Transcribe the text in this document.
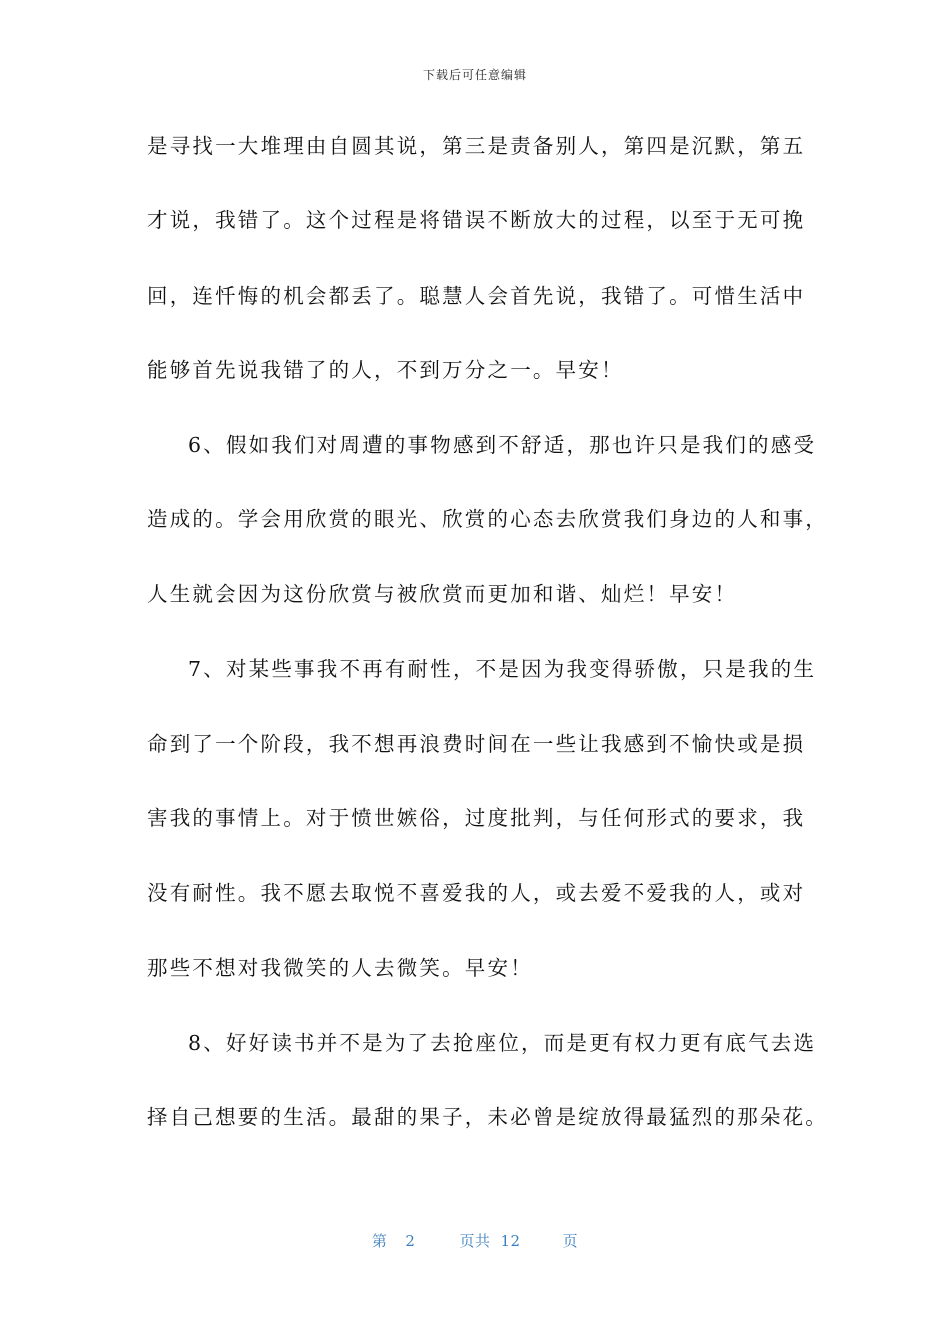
下载后可任意编辑
是寻找一大堆理由自圆其说，第三是责备别人，第四是沉默，第五
才说，我错了。这个过程是将错误不断放大的过程，以至于无可挽
回，连忏悔的机会都丢了。聪慧人会首先说，我错了。可惜生活中
能够首先说我错了的人，不到万分之一。早安！
6、假如我们对周遭的事物感到不舒适，那也许只是我们的感受
造成的。学会用欣赏的眼光、欣赏的心态去欣赏我们身边的人和事，
人生就会因为这份欣赏与被欣赏而更加和谐、灿烂！早安！
7、对某些事我不再有耐性，不是因为我变得骄傲，只是我的生
命到了一个阶段，我不想再浪费时间在一些让我感到不愉快或是损
害我的事情上。对于愤世嫉俗，过度批判，与任何形式的要求，我
没有耐性。我不愿去取悦不喜爱我的人，或去爱不爱我的人，或对
那些不想对我微笑的人去微笑。早安！
8、好好读书并不是为了去抢座位，而是更有权力更有底气去选
择自己想要的生活。最甜的果子，未必曾是绽放得最猛烈的那朵花。
第 2	页共 12	页
